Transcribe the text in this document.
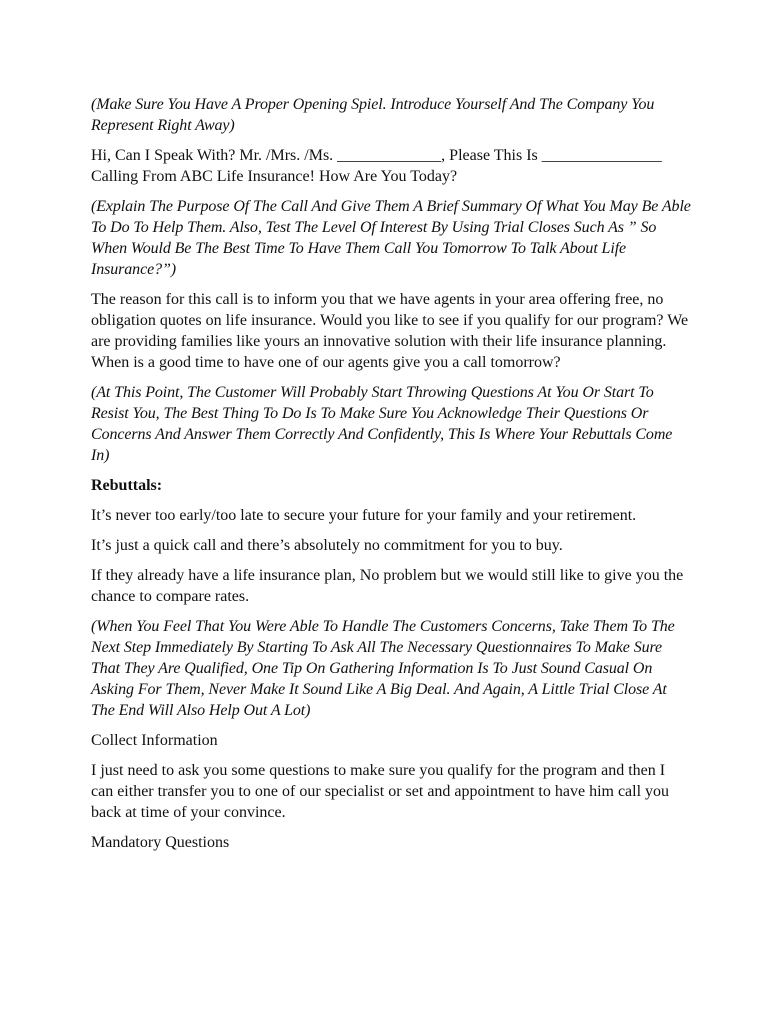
(Make Sure You Have A Proper Opening Spiel. Introduce Yourself And The Company You Represent Right Away)

Hi, Can I Speak With? Mr. /Mrs. /Ms. _____________, Please This Is _______________ Calling From ABC Life Insurance! How Are You Today?

(Explain The Purpose Of The Call And Give Them A Brief Summary Of What You May Be Able To Do To Help Them. Also, Test The Level Of Interest By Using Trial Closes Such As ” So When Would Be The Best Time To Have Them Call You Tomorrow To Talk About Life Insurance?”)

The reason for this call is to inform you that we have agents in your area offering free, no obligation quotes on life insurance. Would you like to see if you qualify for our program? We are providing families like yours an innovative solution with their life insurance planning. When is a good time to have one of our agents give you a call tomorrow?

(At This Point, The Customer Will Probably Start Throwing Questions At You Or Start To Resist You, The Best Thing To Do Is To Make Sure You Acknowledge Their Questions Or Concerns And Answer Them Correctly And Confidently, This Is Where Your Rebuttals Come In)

Rebuttals:

It’s never too early/too late to secure your future for your family and your retirement.

It’s just a quick call and there’s absolutely no commitment for you to buy.

If they already have a life insurance plan, No problem but we would still like to give you the chance to compare rates.

(When You Feel That You Were Able To Handle The Customers Concerns, Take Them To The Next Step Immediately By Starting To Ask All The Necessary Questionnaires To Make Sure That They Are Qualified, One Tip On Gathering Information Is To Just Sound Casual On Asking For Them, Never Make It Sound Like A Big Deal. And Again, A Little Trial Close At The End Will Also Help Out A Lot)

Collect Information

I just need to ask you some questions to make sure you qualify for the program and then I can either transfer you to one of our specialist or set and appointment to have him call you back at time of your convince.

Mandatory Questions
